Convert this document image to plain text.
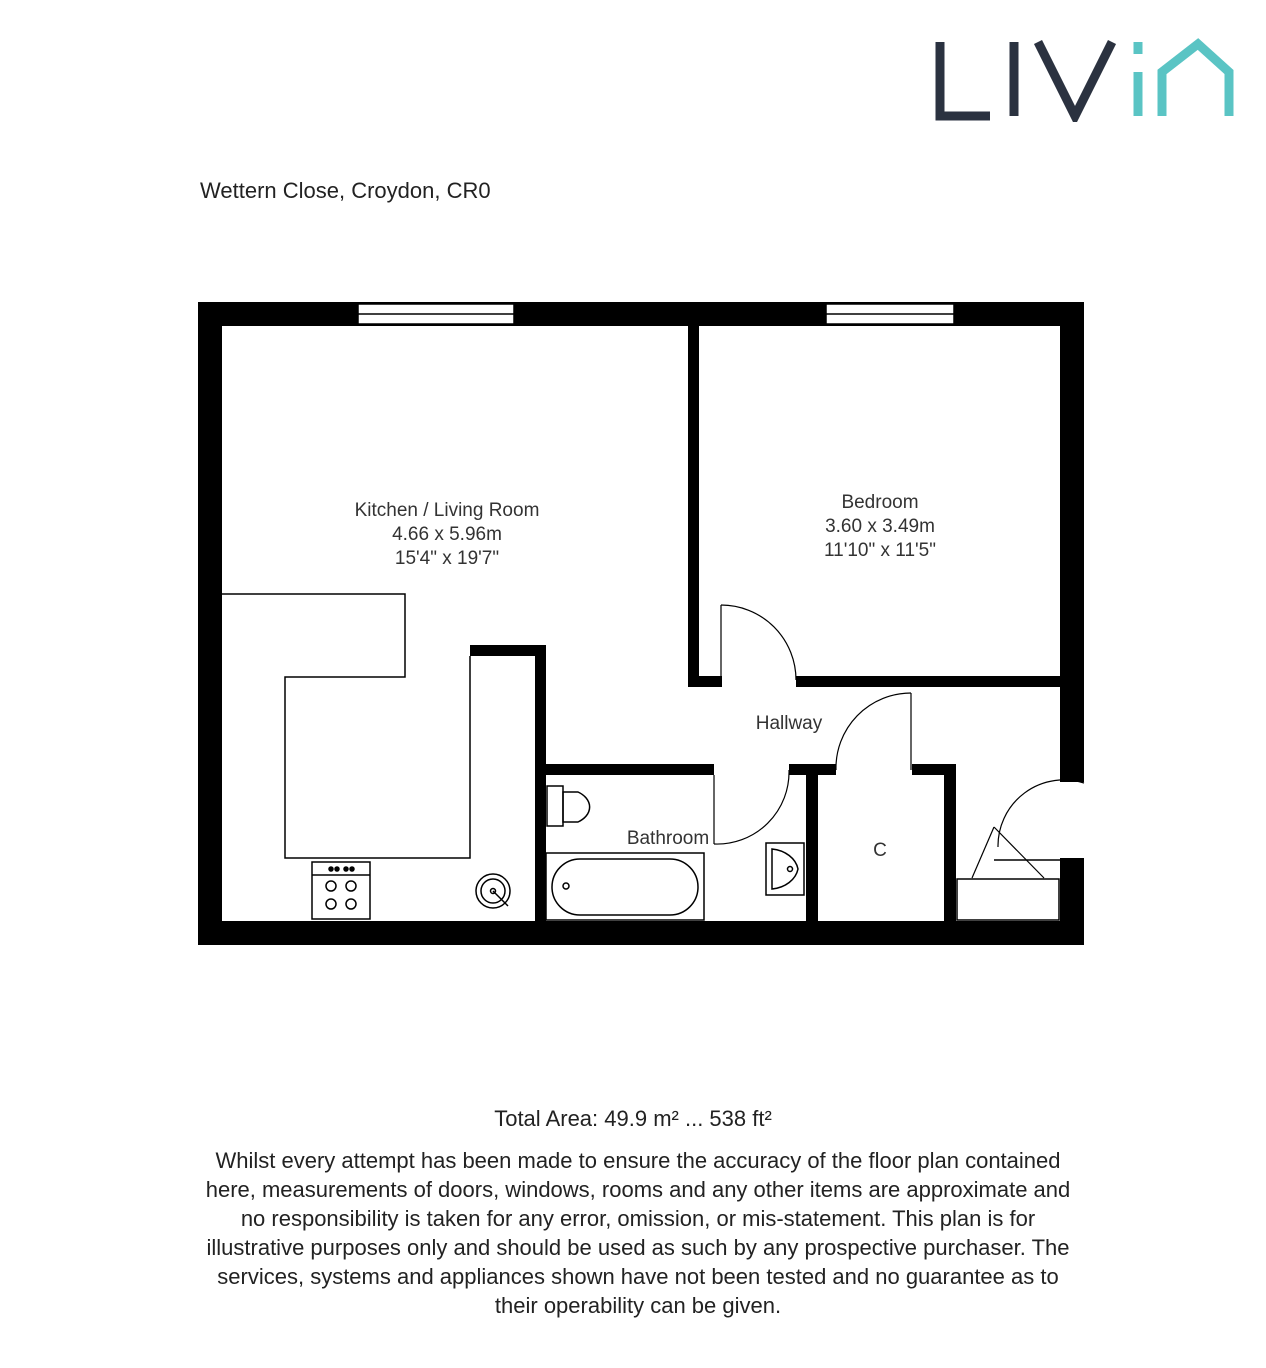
Wettern Close, Croydon, CR0
Kitchen / Living Room
4.66 x 5.96m
15'4" x 19'7"
Bedroom
3.60 x 3.49m
11'10" x 11'5"
Hallway
Bathroom
C
Total Area: 49.9 m² ... 538 ft²
Whilst every attempt has been made to ensure the accuracy of the floor plan contained here, measurements of doors, windows, rooms and any other items are approximate and no responsibility is taken for any error, omission, or mis-statement. This plan is for illustrative purposes only and should be used as such by any prospective purchaser. The services, systems and appliances shown have not been tested and no guarantee as to their operability can be given.
